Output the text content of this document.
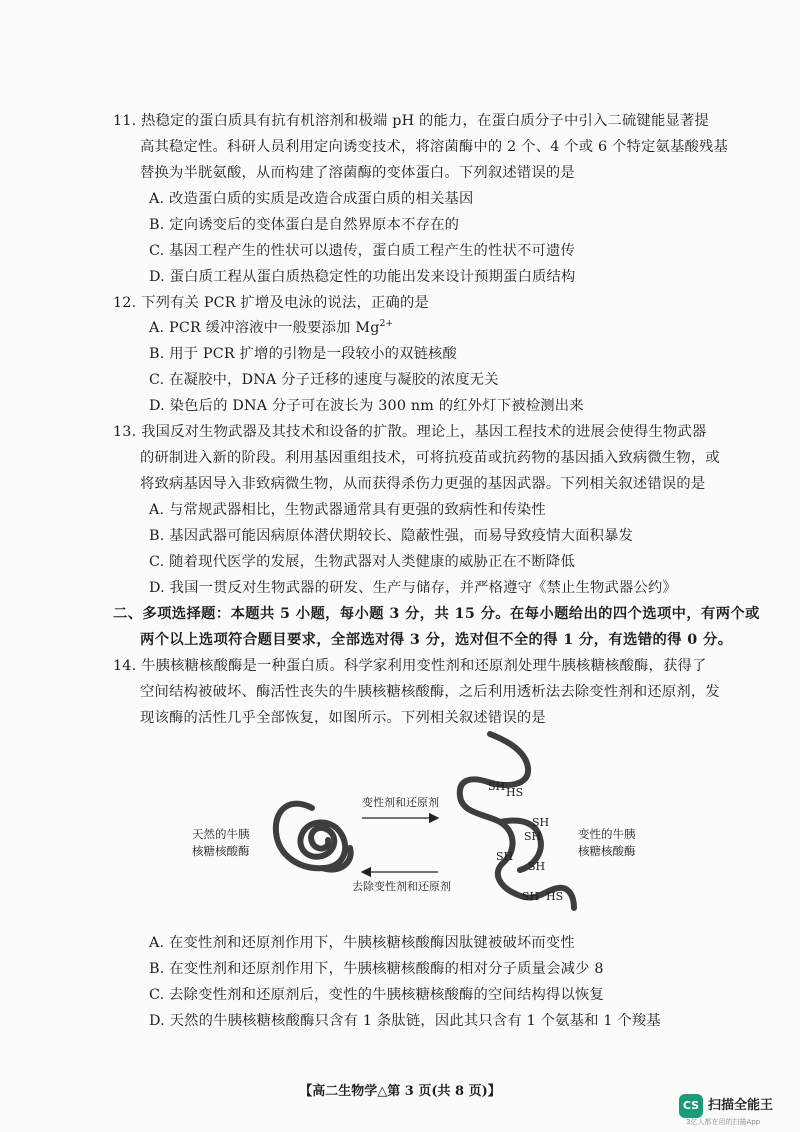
11. 热稳定的蛋白质具有抗有机溶剂和极端 pH 的能力，在蛋白质分子中引入二硫键能显著提
高其稳定性。科研人员利用定向诱变技术，将溶菌酶中的 2 个、4 个或 6 个特定氨基酸残基
替换为半胱氨酸，从而构建了溶菌酶的变体蛋白。下列叙述错误的是
A. 改造蛋白质的实质是改造合成蛋白质的相关基因
B. 定向诱变后的变体蛋白是自然界原本不存在的
C. 基因工程产生的性状可以遗传，蛋白质工程产生的性状不可遗传
D. 蛋白质工程从蛋白质热稳定性的功能出发来设计预期蛋白质结构
12. 下列有关 PCR 扩增及电泳的说法，正确的是
A. PCR 缓冲溶液中一般要添加 $Mg^{2+}$
B. 用于 PCR 扩增的引物是一段较小的双链核酸
C. 在凝胶中，DNA 分子迁移的速度与凝胶的浓度无关
D. 染色后的 DNA 分子可在波长为 300 nm 的红外灯下被检测出来
13. 我国反对生物武器及其技术和设备的扩散。理论上，基因工程技术的进展会使得生物武器
的研制进入新的阶段。利用基因重组技术，可将抗疫苗或抗药物的基因插入致病微生物，或
将致病基因导入非致病微生物，从而获得杀伤力更强的基因武器。下列相关叙述错误的是
A. 与常规武器相比，生物武器通常具有更强的致病性和传染性
B. 基因武器可能因病原体潜伏期较长、隐蔽性强，而易导致疫情大面积暴发
C. 随着现代医学的发展，生物武器对人类健康的威胁正在不断降低
D. 我国一贯反对生物武器的研发、生产与储存，并严格遵守《禁止生物武器公约》
二、多项选择题：本题共 5 小题，每小题 3 分，共 15 分。在每小题给出的四个选项中，有两个或
两个以上选项符合题目要求，全部选对得 3 分，选对但不全的得 1 分，有选错的得 0 分。
14. 牛胰核糖核酸酶是一种蛋白质。科学家利用变性剂和还原剂处理牛胰核糖核酸酶，获得了
空间结构被破坏、酶活性丧失的牛胰核糖核酸酶，之后利用透析法去除变性剂和还原剂，发
现该酶的活性几乎全部恢复，如图所示。下列相关叙述错误的是
天然的牛胰
核糖核酸酶
变性的牛胰
核糖核酸酶
变性剂和还原剂
去除变性剂和还原剂
SH HS
SH
SH
SH
SH
SH HS
A. 在变性剂和还原剂作用下，牛胰核糖核酸酶因肽键被破坏而变性
B. 在变性剂和还原剂作用下，牛胰核糖核酸酶的相对分子质量会减少 8
C. 去除变性剂和还原剂后，变性的牛胰核糖核酸酶的空间结构得以恢复
D. 天然的牛胰核糖核酸酶只含有 1 条肽链，因此其只含有 1 个氨基和 1 个羧基
【高二生物学△第 3 页(共 8 页)】
CS 扫描全能王
3亿人都在用的扫描App
